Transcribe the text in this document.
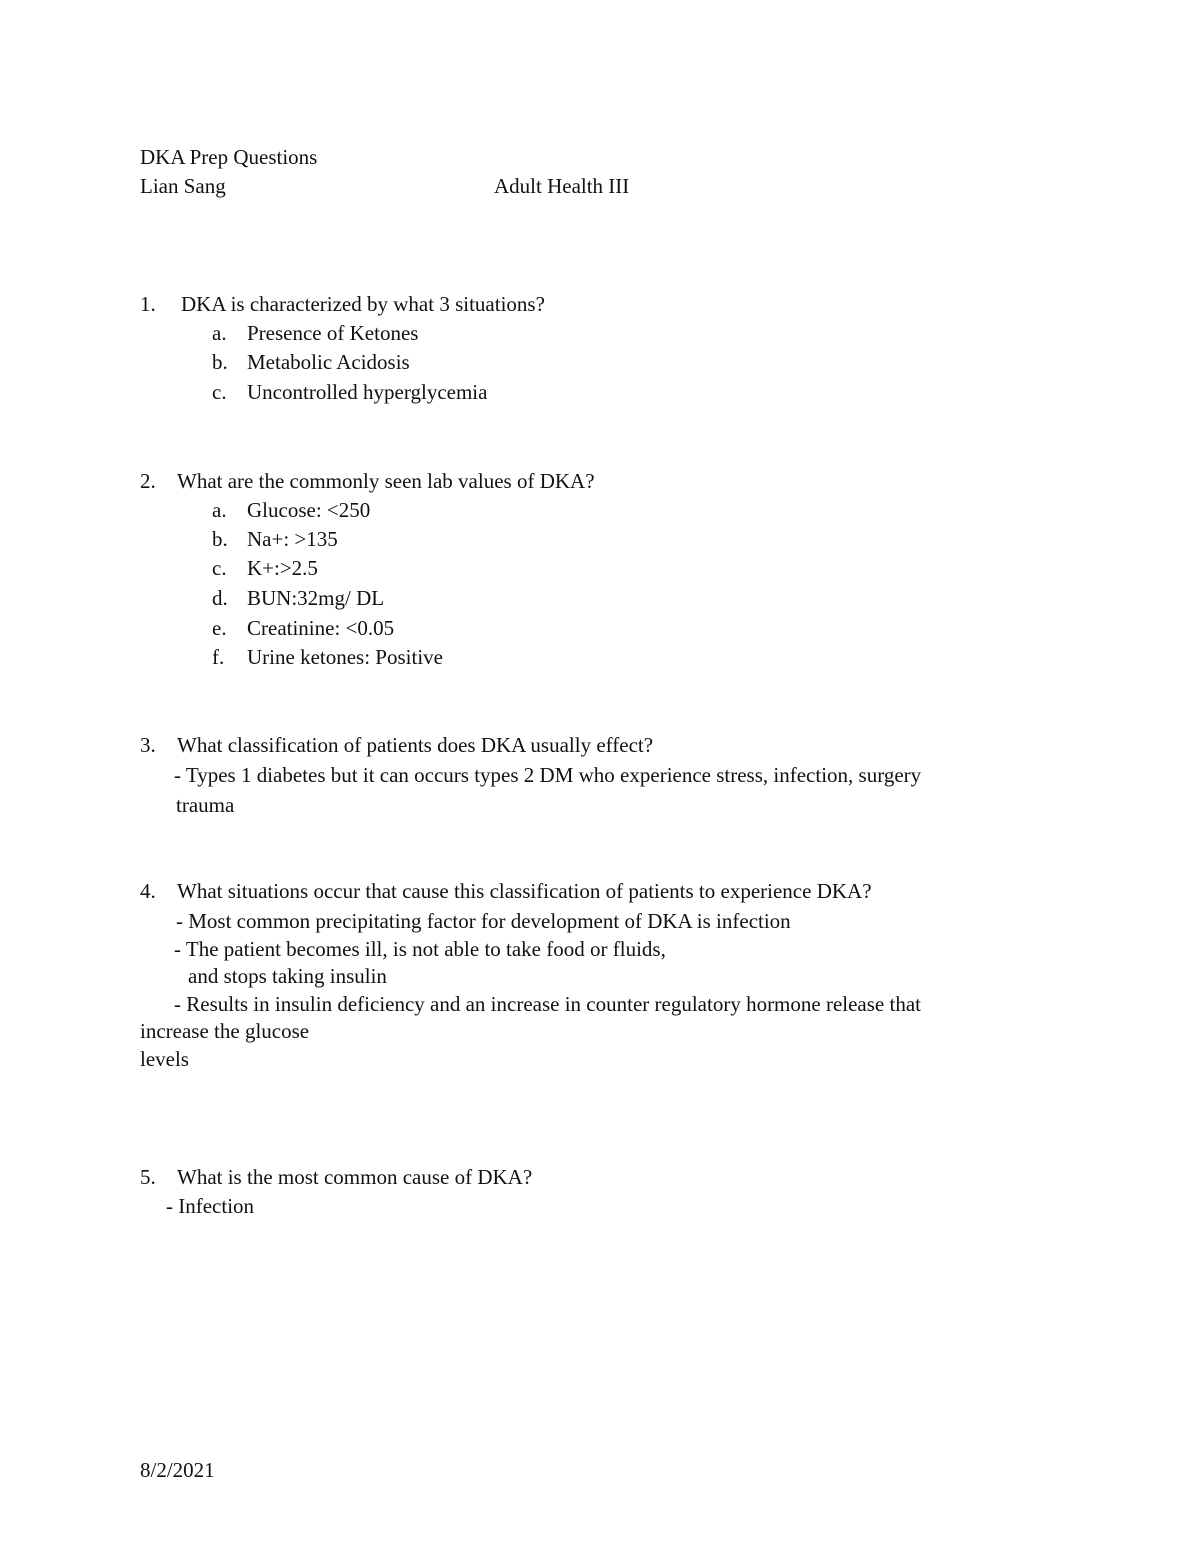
DKA Prep Questions
Lian Sang	Adult Health III
1. DKA is characterized by what 3 situations?
a. Presence of Ketones
b. Metabolic Acidosis
c. Uncontrolled hyperglycemia
2. What are the commonly seen lab values of DKA?
a. Glucose: <250
b. Na+: >135
c. K+:>2.5
d. BUN:32mg/ DL
e. Creatinine: <0.05
f. Urine ketones: Positive
3. What classification of patients does DKA usually effect?
- Types 1 diabetes but it can occurs types 2 DM who experience stress, infection, surgery
trauma
4. What situations occur that cause this classification of patients to experience DKA?
- Most common precipitating factor for development of DKA is infection
- The patient becomes ill, is not able to take food or fluids,
and stops taking insulin
- Results in insulin deficiency and an increase in counter regulatory hormone release that
increase the glucose
levels
5. What is the most common cause of DKA?
- Infection
8/2/2021
